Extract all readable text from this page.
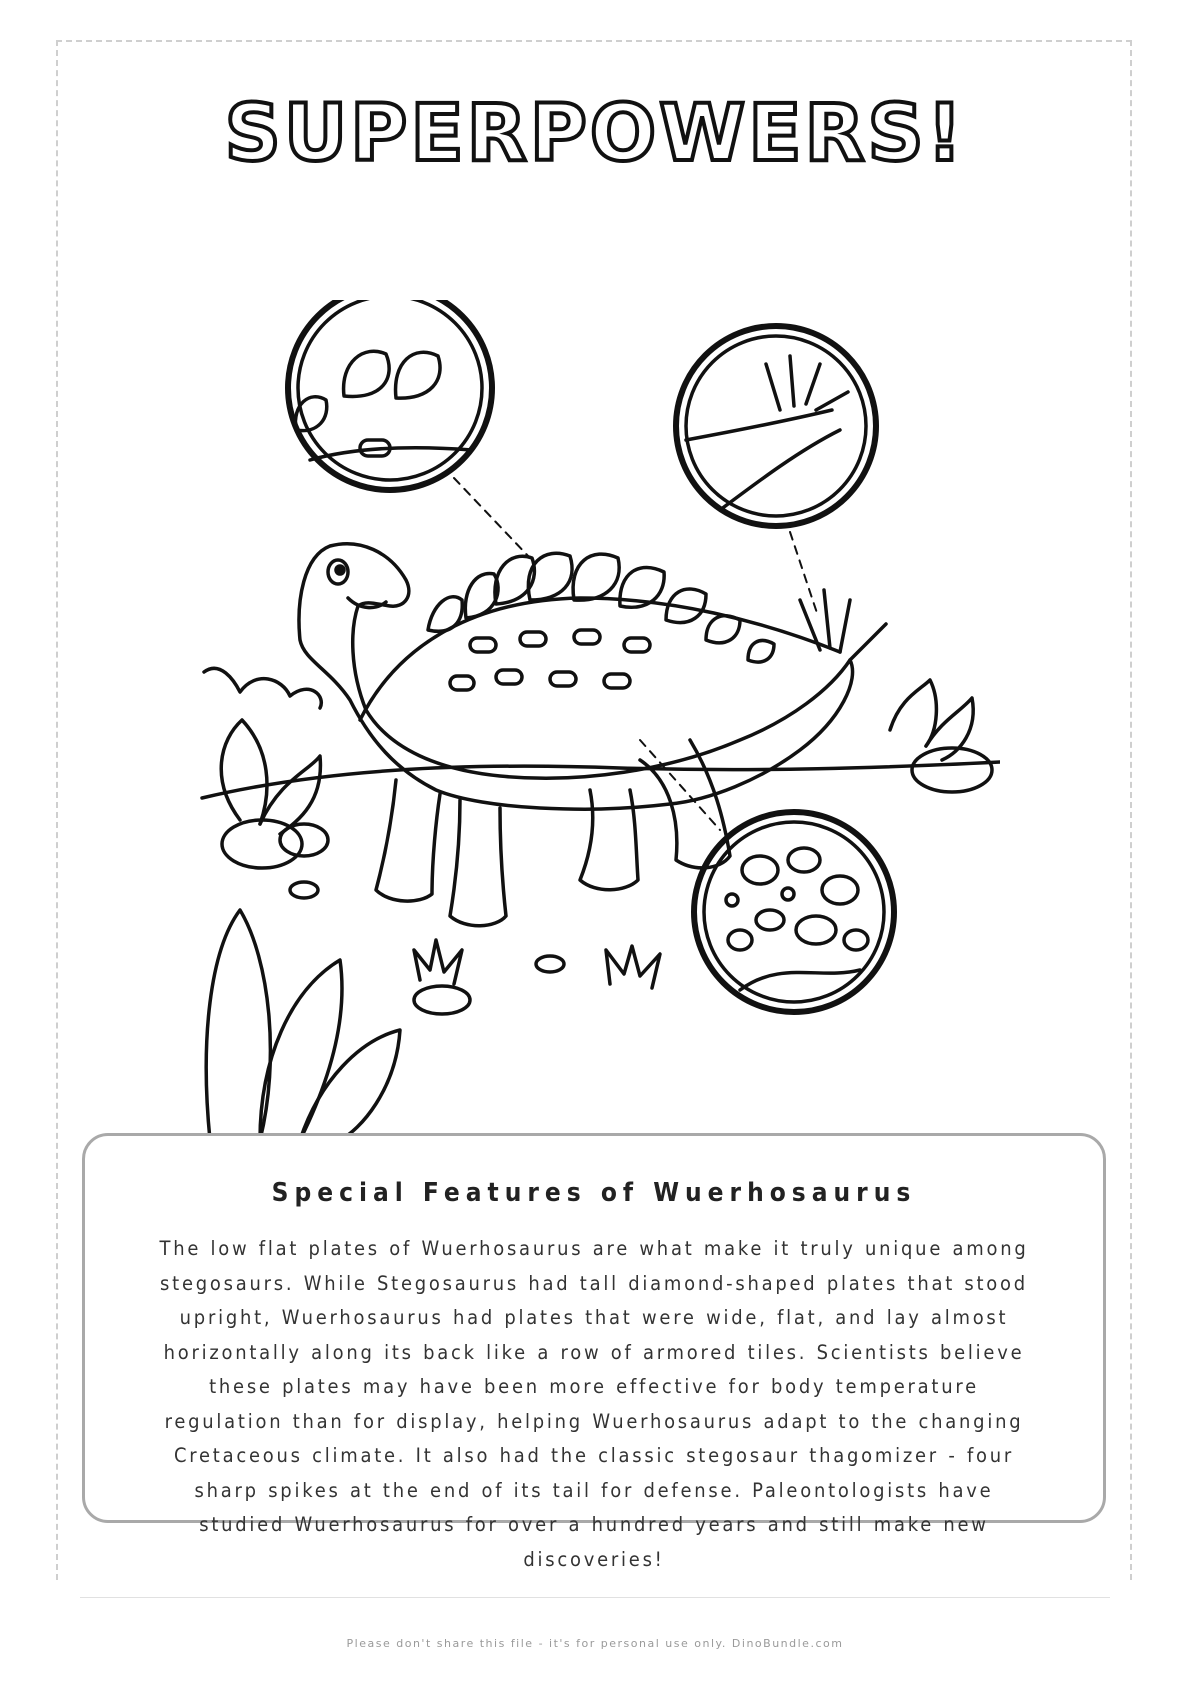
SUPERPOWERS!
Special Features of Wuerhosaurus
The low flat plates of Wuerhosaurus are what make it truly unique among stegosaurs. While Stegosaurus had tall diamond-shaped plates that stood upright, Wuerhosaurus had plates that were wide, flat, and lay almost horizontally along its back like a row of armored tiles. Scientists believe these plates may have been more effective for body temperature regulation than for display, helping Wuerhosaurus adapt to the changing Cretaceous climate. It also had the classic stegosaur thagomizer - four sharp spikes at the end of its tail for defense. Paleontologists have studied Wuerhosaurus for over a hundred years and still make new discoveries!
Please don't share this file - it's for personal use only. DinoBundle.com
